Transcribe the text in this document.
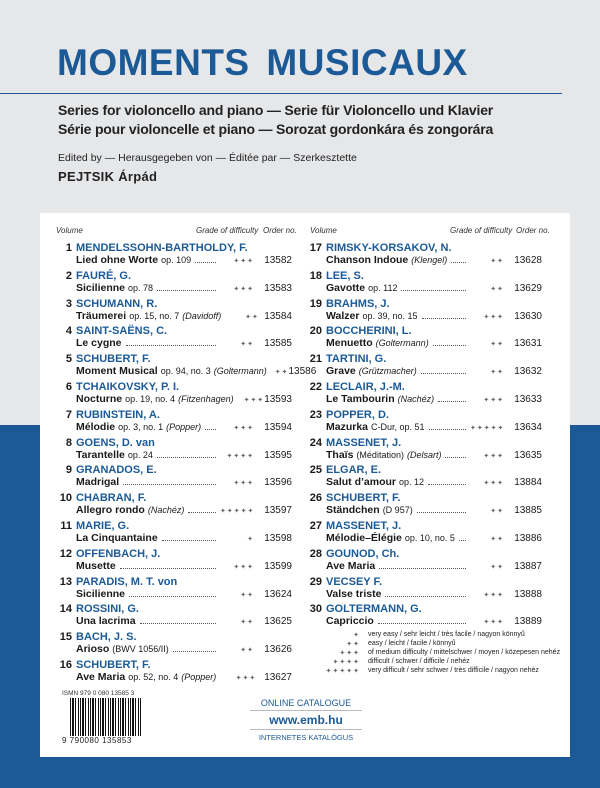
MOMENTS MUSICAUX
Series for violoncello and piano — Serie für Violoncello und Klavier
Série pour violoncelle et piano — Sorozat gordonkára és zongorára
Edited by — Herausgegeben von — Éditée par — Szerkesztette
PEJTSIK Árpád
Volume	Grade of difficulty Order no. Volume	Grade of difficulty Order no.
1 MENDELSSOHN-BARTHOLDY, F.
Lied ohne Worte op. 109	✦✦✦	13582
2 FAURÉ, G.
Sicilienne op. 78	✦✦✦	13583
3 SCHUMANN, R.
Träumerei op. 15, no. 7 (Davidoff)	✦✦ 13584
4 SAINT-SAËNS, C.
Le cygne	✦✦	13585
5 SCHUBERT, F.
Moment Musical op. 94, no. 3 (Goltermann) ✦✦ 13586
6 TCHAIKOVSKY, P. I.
Nocturne op. 19, no. 4 (Fitzenhagen) ✦✦✦ 13593
7 RUBINSTEIN, A.
Mélodie op. 3, no. 1 (Popper)	✦✦✦	13594
8 GOENS, D. van
Tarantelle op. 24	✦✦✦✦	13595
9 GRANADOS, E.
Madrigal	✦✦✦	13596
10 CHABRAN, F.
Allegro rondo (Nachéz)	✦✦✦✦✦ 13597
11 MARIE, G.
La Cinquantaine	✦	13598
12 OFFENBACH, J.
Musette	✦✦✦	13599
13 PARADIS, M. T. von
Sicilienne	✦✦	13624
14 ROSSINI, G.
Una lacrima	✦✦	13625
15 BACH, J. S.
Arioso (BWV 1056/II)	✦✦	13626
16 SCHUBERT, F.
Ave Maria op. 52, no. 4 (Popper)	✦✦✦ 13627
17 RIMSKY-KORSAKOV, N.
Chanson Indoue (Klengel)	✦✦	13628
18 LEE, S.
Gavotte op. 112	✦✦	13629
19 BRAHMS, J.
Walzer op. 39, no. 15	✦✦✦	13630
20 BOCCHERINI, L.
Menuetto (Goltermann)	✦✦	13631
21 TARTINI, G.
Grave (Grützmacher)	✦✦	13632
22 LECLAIR, J.-M.
Le Tambourin (Nachéz)	✦✦✦	13633
23 POPPER, D.
Mazurka C-Dur, op. 51	✦✦✦✦✦ 13634
24 MASSENET, J.
Thaïs (Méditation) (Delsart)	✦✦✦	13635
25 ELGAR, E.
Salut d’amour op. 12	✦✦✦	13884
26 SCHUBERT, F.
Ständchen (D 957)	✦✦	13885
27 MASSENET, J.
Mélodie–Élégie op. 10, no. 5	✦✦	13886
28 GOUNOD, Ch.
Ave Maria	✦✦	13887
29 VECSEY F.
Valse triste	✦✦✦	13888
30 GOLTERMANN, G.
Capriccio	✦✦✦	13889
✦ very easy / sehr leicht / très facile / nagyon könnyű
✦✦ easy / leicht / facile / könnyű
✦✦✦ of medium difficulty / mittelschwer / moyen / közepesen nehéz
✦✦✦✦ difficult / schwer / difficile / nehéz
✦✦✦✦✦ very difficult / sehr schwer / très difficile / nagyon nehéz
ISMN 979 0 080 13585 3
9 790080 135853
ONLINE CATALOGUE
www.emb.hu
INTERNETES KATALÓGUS
